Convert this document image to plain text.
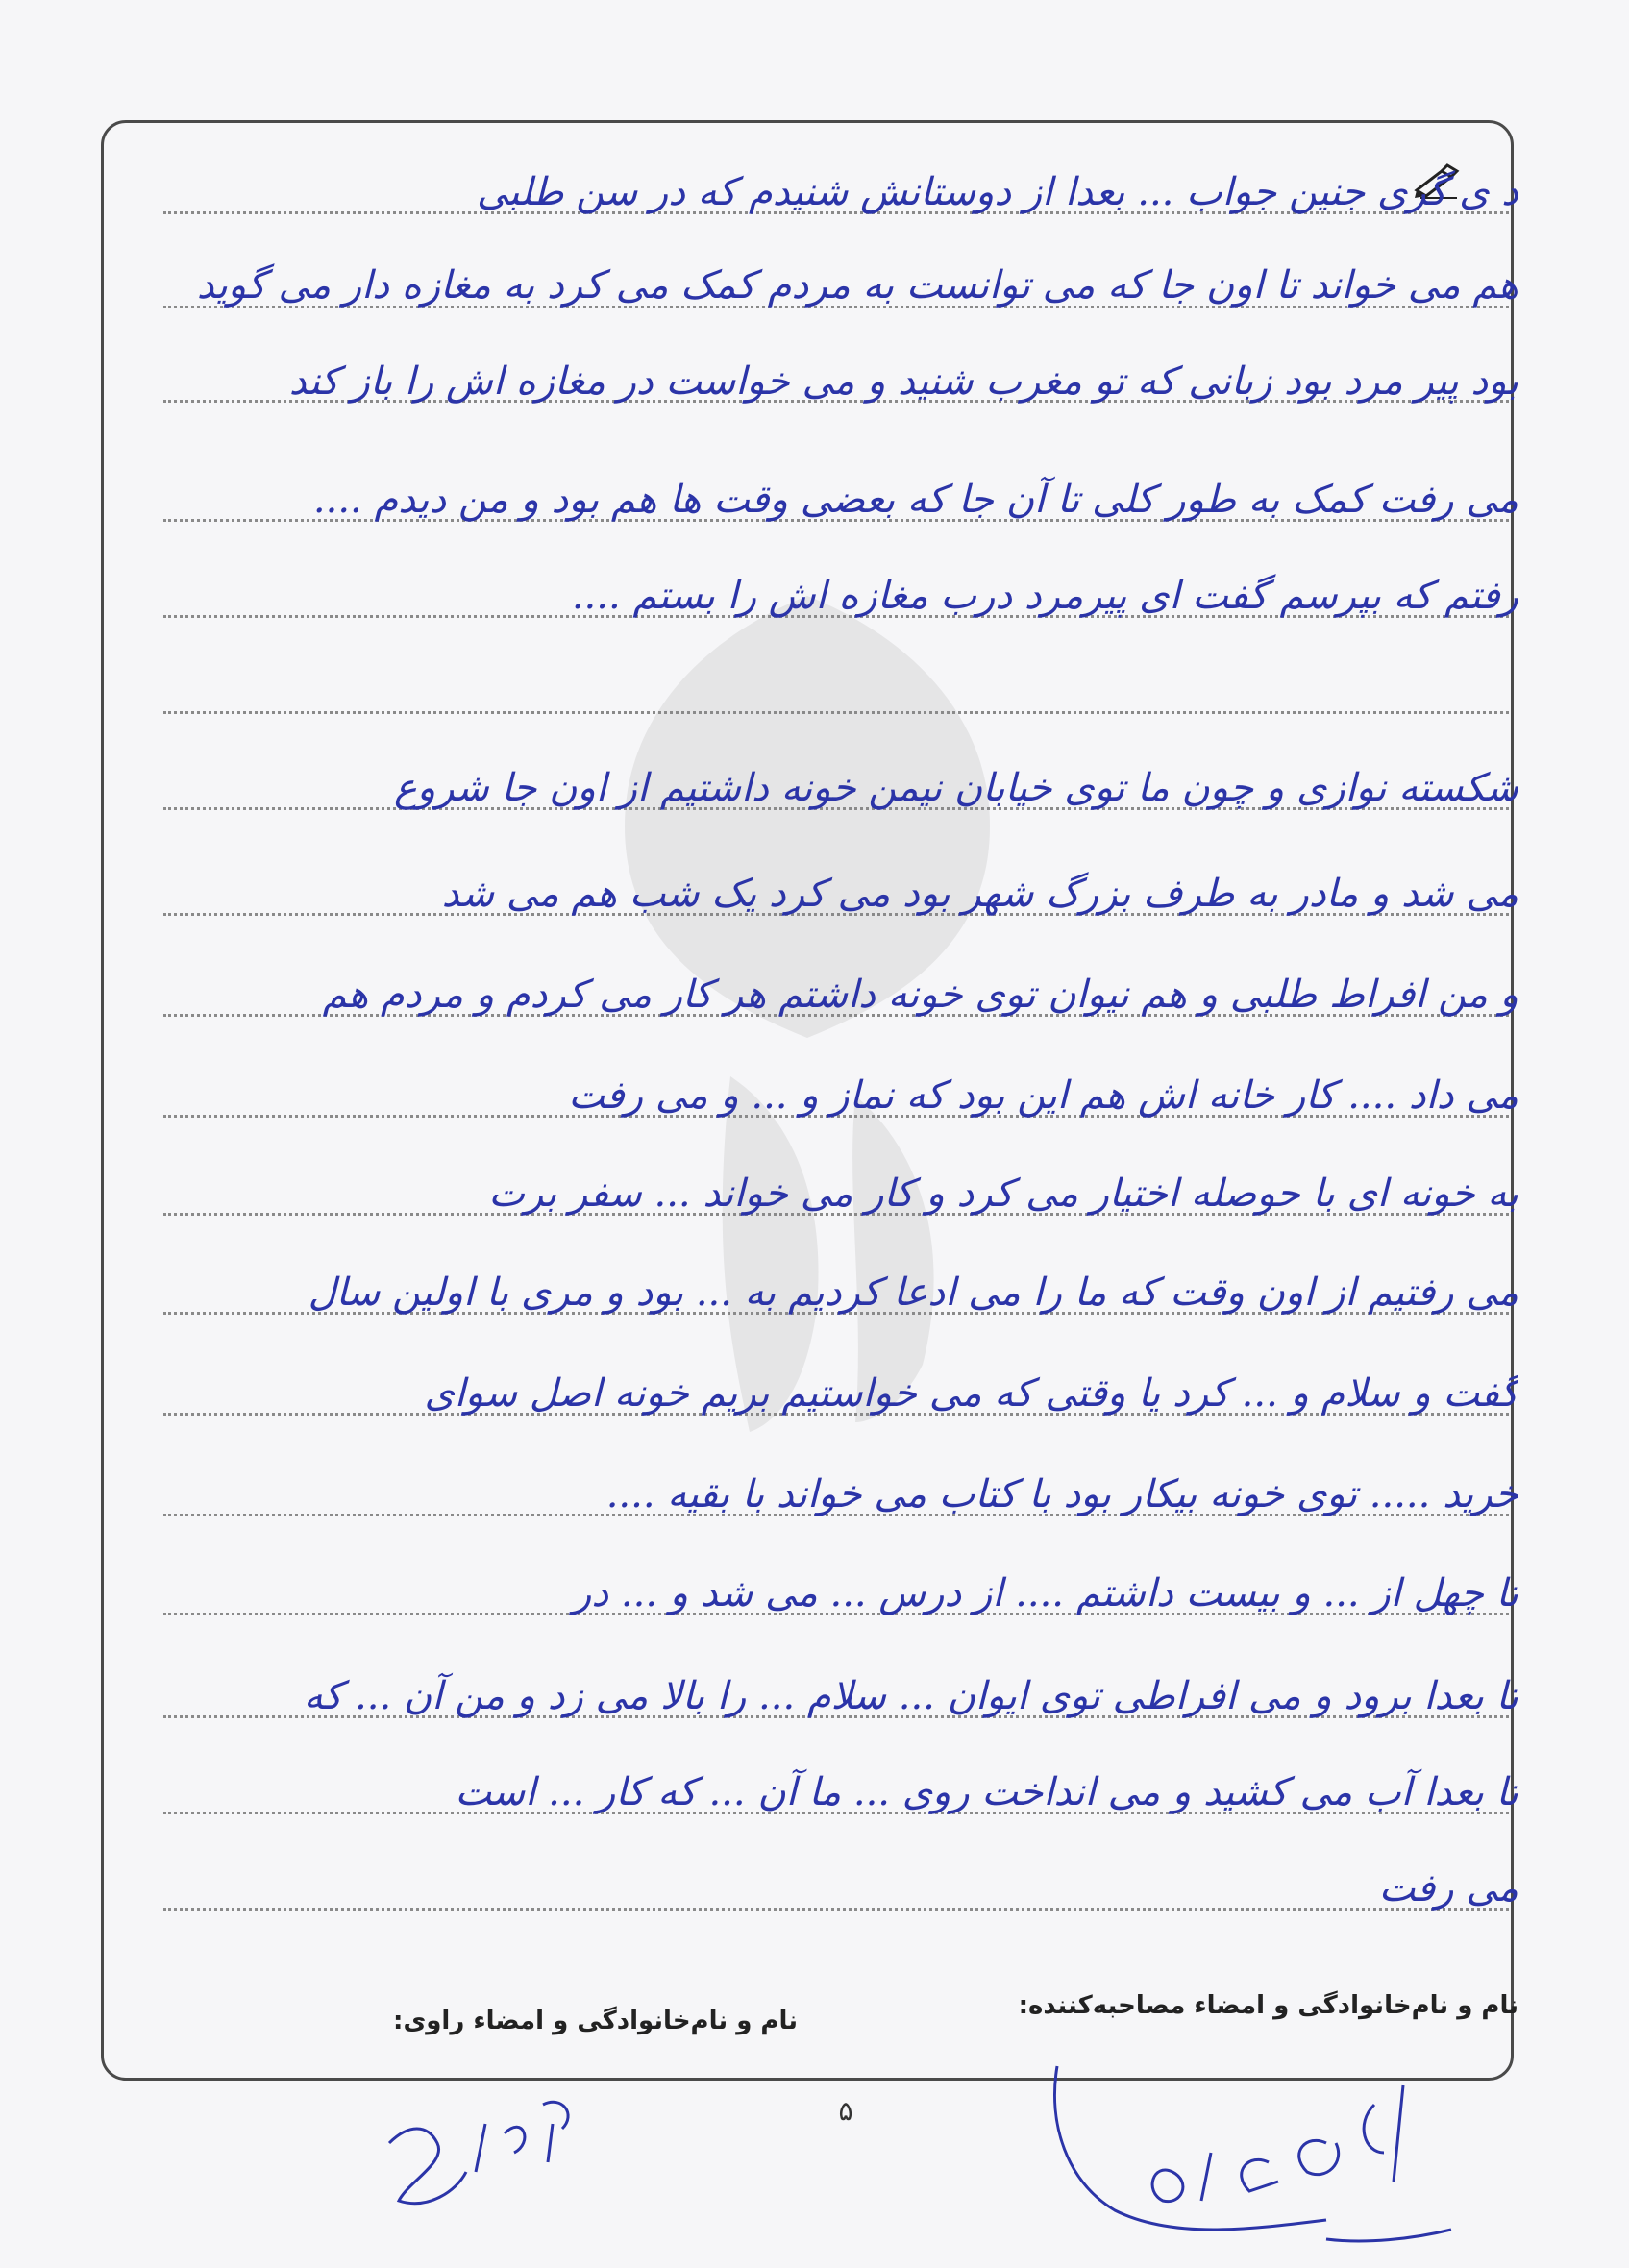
د ی گری جنین جواب ... بعدا از دوستانش شنیدم که در سن طلبی
هم می خواند تا اون جا که می توانست به مردم کمک می کرد به مغازه دار می گوید
بود پیر مرد بود زبانی که تو مغرب شنید و می خواست در مغازه اش را باز کند
می رفت کمک به طور کلی تا آن جا که بعضی وقت ها هم بود و من دیدم ....
رفتم که بپرسم گفت ای پیرمرد درب مغازه اش را بستم ....
شکسته نوازی و چون ما توی خیابان نیمن خونه داشتیم از اون جا شروع
می شد و مادر به طرف بزرگ شهر بود می کرد یک شب هم می شد
و من افراط طلبی و هم نیوان توی خونه داشتم هر کار می کردم و مردم هم
می داد .... کار خانه اش هم این بود که نماز و ... و می رفت
به خونه ای با حوصله اختیار می کرد و کار می خواند ... سفر برت
می رفتیم از اون وقت که ما را می ادعا کردیم به ... بود و مری با اولین سال
گفت و سلام و ... کرد یا وقتی که می خواستیم بریم خونه اصل سوای
خرید ..... توی خونه بیکار بود با کتاب می خواند با بقیه ....
تا چهل از ... و بیست داشتم .... از درس ... می شد و ... در
تا بعدا برود و می افراطی توی ایوان ... سلام ... را بالا می زد و من آن ... که
تا بعدا آب می کشید و می انداخت روی ... ما آن ... که کار ... است
می رفت
نام و نام‌خانوادگی و امضاء مصاحبه‌کننده:
نام و نام‌خانوادگی و امضاء راوی:
۵
